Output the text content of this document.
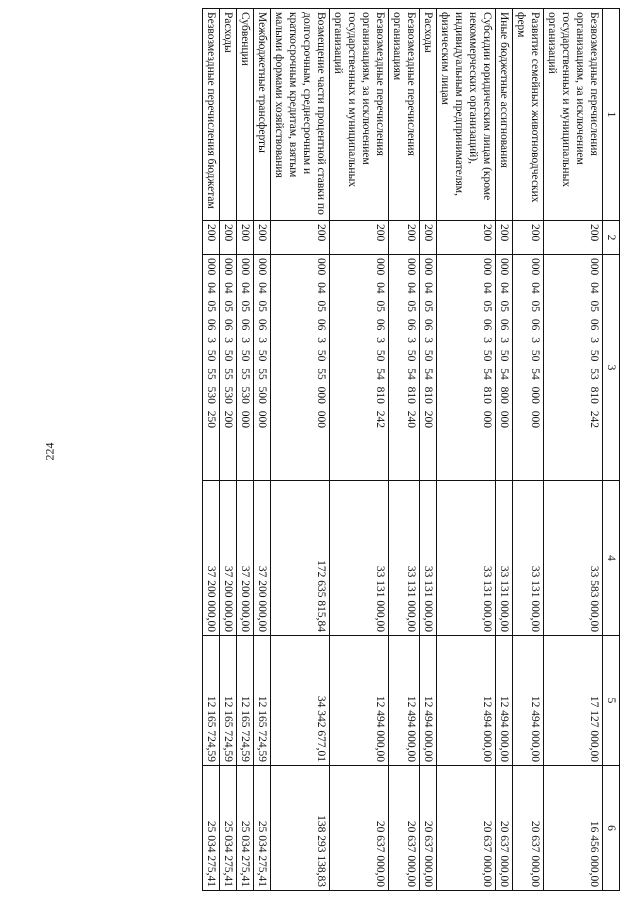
224
1	2	3	4	5	6
Безвозмездные перечисления организациям, за исключением государственных и муниципальных организаций	200	000 04 05 06 3 50 53 810 242	33 583 000,00	17 127 000,00	16 456 000,00
Развитие семейных животноводческих ферм	200	000 04 05 06 3 50 54 000 000	33 131 000,00	12 494 000,00	20 637 000,00
Иные бюджетные ассигнования	200	000 04 05 06 3 50 54 800 000	33 131 000,00	12 494 000,00	20 637 000,00
Субсидии юридическим лицам (кроме некоммерческих организаций), индивидуальным предпринимателям, физическим лицам	200	000 04 05 06 3 50 54 810 000	33 131 000,00	12 494 000,00	20 637 000,00
Расходы	200	000 04 05 06 3 50 54 810 200	33 131 000,00	12 494 000,00	20 637 000,00
Безвозмездные перечисления организациям	200	000 04 05 06 3 50 54 810 240	33 131 000,00	12 494 000,00	20 637 000,00
Безвозмездные перечисления организациям, за исключением государственных и муниципальных организаций	200	000 04 05 06 3 50 54 810 242	33 131 000,00	12 494 000,00	20 637 000,00
Возмещение части процентной ставки по долгосрочным, среднесрочным и краткосрочным кредитам, взятым малыми формами хозяйствования	200	000 04 05 06 3 50 55 000 000	172 635 815,84	34 342 677,01	138 293 138,83
Межбюджетные трансферты	200	000 04 05 06 3 50 55 500 000	37 200 000,00	12 165 724,59	25 034 275,41
Субвенции	200	000 04 05 06 3 50 55 530 000	37 200 000,00	12 165 724,59	25 034 275,41
Расходы	200	000 04 05 06 3 50 55 530 200	37 200 000,00	12 165 724,59	25 034 275,41
Безвозмездные перечисления бюджетам	200	000 04 05 06 3 50 55 530 250	37 200 000,00	12 165 724,59	25 034 275,41
